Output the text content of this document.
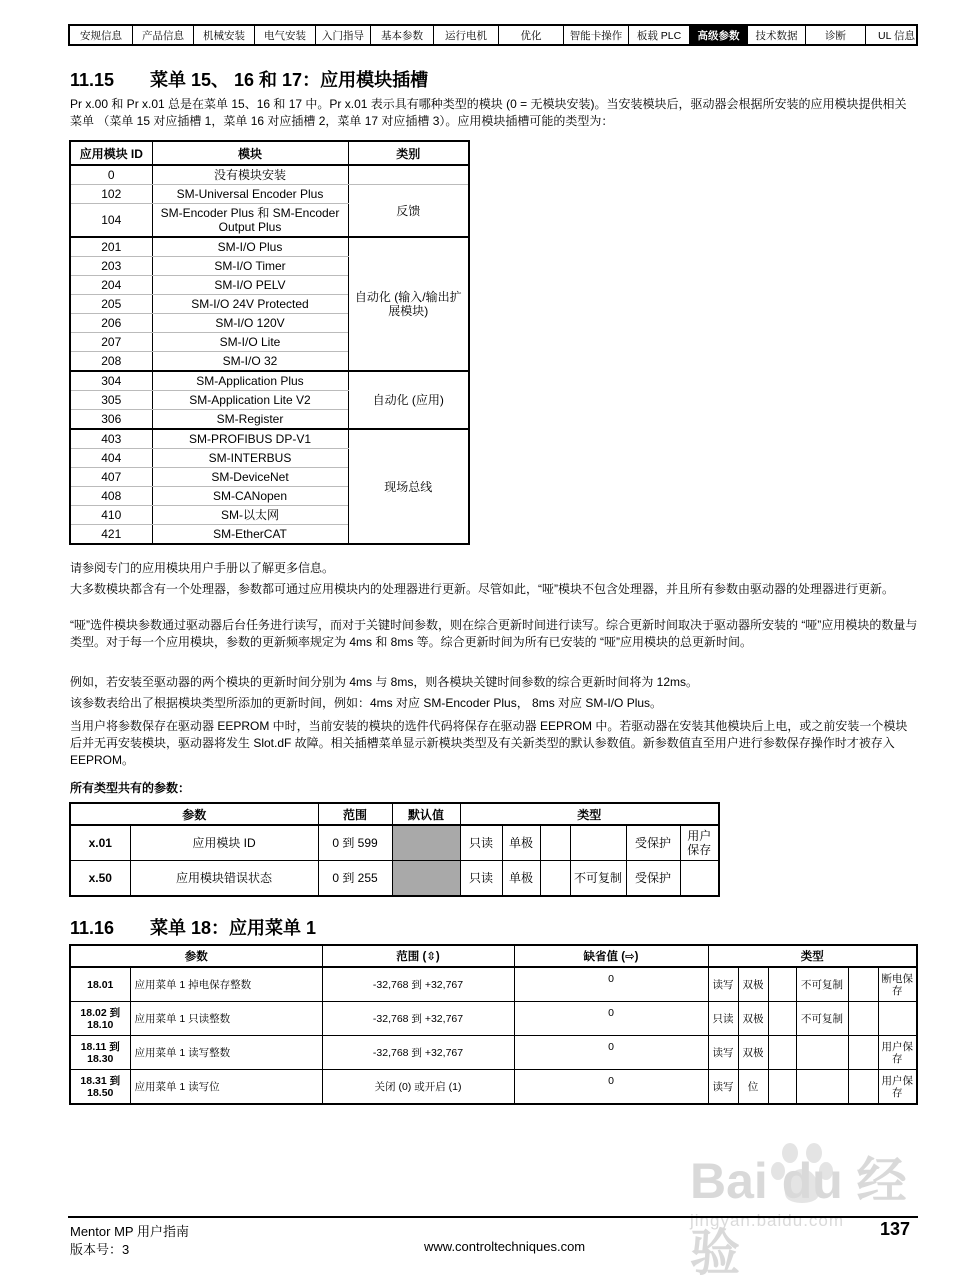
安规信息	产品信息	机械安装	电气安装	入门指导	基本参数	运行电机	优化	智能卡操作	板载 PLC	高级参数	技术数据	诊断	UL 信息
11.15 菜单 15、 16 和 17：应用模块插槽

Pr x.00 和 Pr x.01 总是在菜单 15、16 和 17 中。Pr x.01 表示具有哪种类型的模块 (0 = 无模块安装)。当安装模块后，驱动器会根据所安装的应用模块提供相关菜单 （菜单 15 对应插槽 1，菜单 16 对应插槽 2，菜单 17 对应插槽 3）。应用模块插槽可能的类型为：

应用模块 ID	模块	类别
0	没有模块安装	
102	SM-Universal Encoder Plus	反馈
104	SM-Encoder Plus 和 SM-Encoder Output Plus	
201	SM-I/O Plus	自动化 (输入/输出扩展模块)
203	SM-I/O Timer	
204	SM-I/O PELV	
205	SM-I/O 24V Protected	
206	SM-I/O 120V	
207	SM-I/O Lite	
208	SM-I/O 32	
304	SM-Application Plus	自动化 (应用)
305	SM-Application Lite V2	
306	SM-Register	
403	SM-PROFIBUS DP-V1	现场总线
404	SM-INTERBUS	
407	SM-DeviceNet	
408	SM-CANopen	
410	SM-以太网	
421	SM-EtherCAT	

请参阅专门的应用模块用户手册以了解更多信息。

大多数模块都含有一个处理器，参数都可通过应用模块内的处理器进行更新。尽管如此，“哑”模块不包含处理器，并且所有参数由驱动器的处理器进行更新。

“哑”选件模块参数通过驱动器后台任务进行读写，而对于关键时间参数，则在综合更新时间进行读写。综合更新时间取决于驱动器所安装的 “哑”应用模块的数量与类型。对于每一个应用模块，参数的更新频率规定为 4ms 和 8ms 等。综合更新时间为所有已安装的 “哑”应用模块的总更新时间。

例如，若安装至驱动器的两个模块的更新时间分别为 4ms 与 8ms，则各模块关键时间参数的综合更新时间将为 12ms。

该参数表给出了根据模块类型所添加的更新时间，例如：4ms 对应 SM-Encoder Plus， 8ms 对应 SM-I/O Plus。

当用户将参数保存在驱动器 EEPROM 中时，当前安装的模块的选件代码将保存在驱动器 EEPROM 中。若驱动器在安装其他模块后上电，或之前安装一个模块后并无再安装模块，驱动器将发生 Slot.dF 故障。相关插槽菜单显示新模块类型及有关新类型的默认参数值。新参数值直至用户进行参数保存操作时才被存入 EEPROM。

所有类型共有的参数：

参数		范围	默认值	类型					
x.01	应用模块 ID	0 到 599		只读	单极			受保护	用户保存
x.50	应用模块错误状态	0 到 255		只读	单极		不可复制	受保护	
11.16 菜单 18：应用菜单 1
参数		范围 (⇳)	缺省值 (⇨)	类型					
18.01	应用菜单 1 掉电保存整数	-32,768 到 +32,767	0	读写	双极		不可复制		断电保存
18.02 到 18.10	应用菜单 1 只读整数	-32,768 到 +32,767	0	只读	双极		不可复制		
18.11 到 18.30	应用菜单 1 读写整数	-32,768 到 +32,767	0	读写	双极				用户保存
18.31 到 18.50	应用菜单 1 读写位	关闭 (0) 或开启 (1)	0	读写	位				用户保存
Bai du 经验
jingyan.baidu.com
Mentor MP 用户指南
版本号：3	www.controltechniques.com
137
